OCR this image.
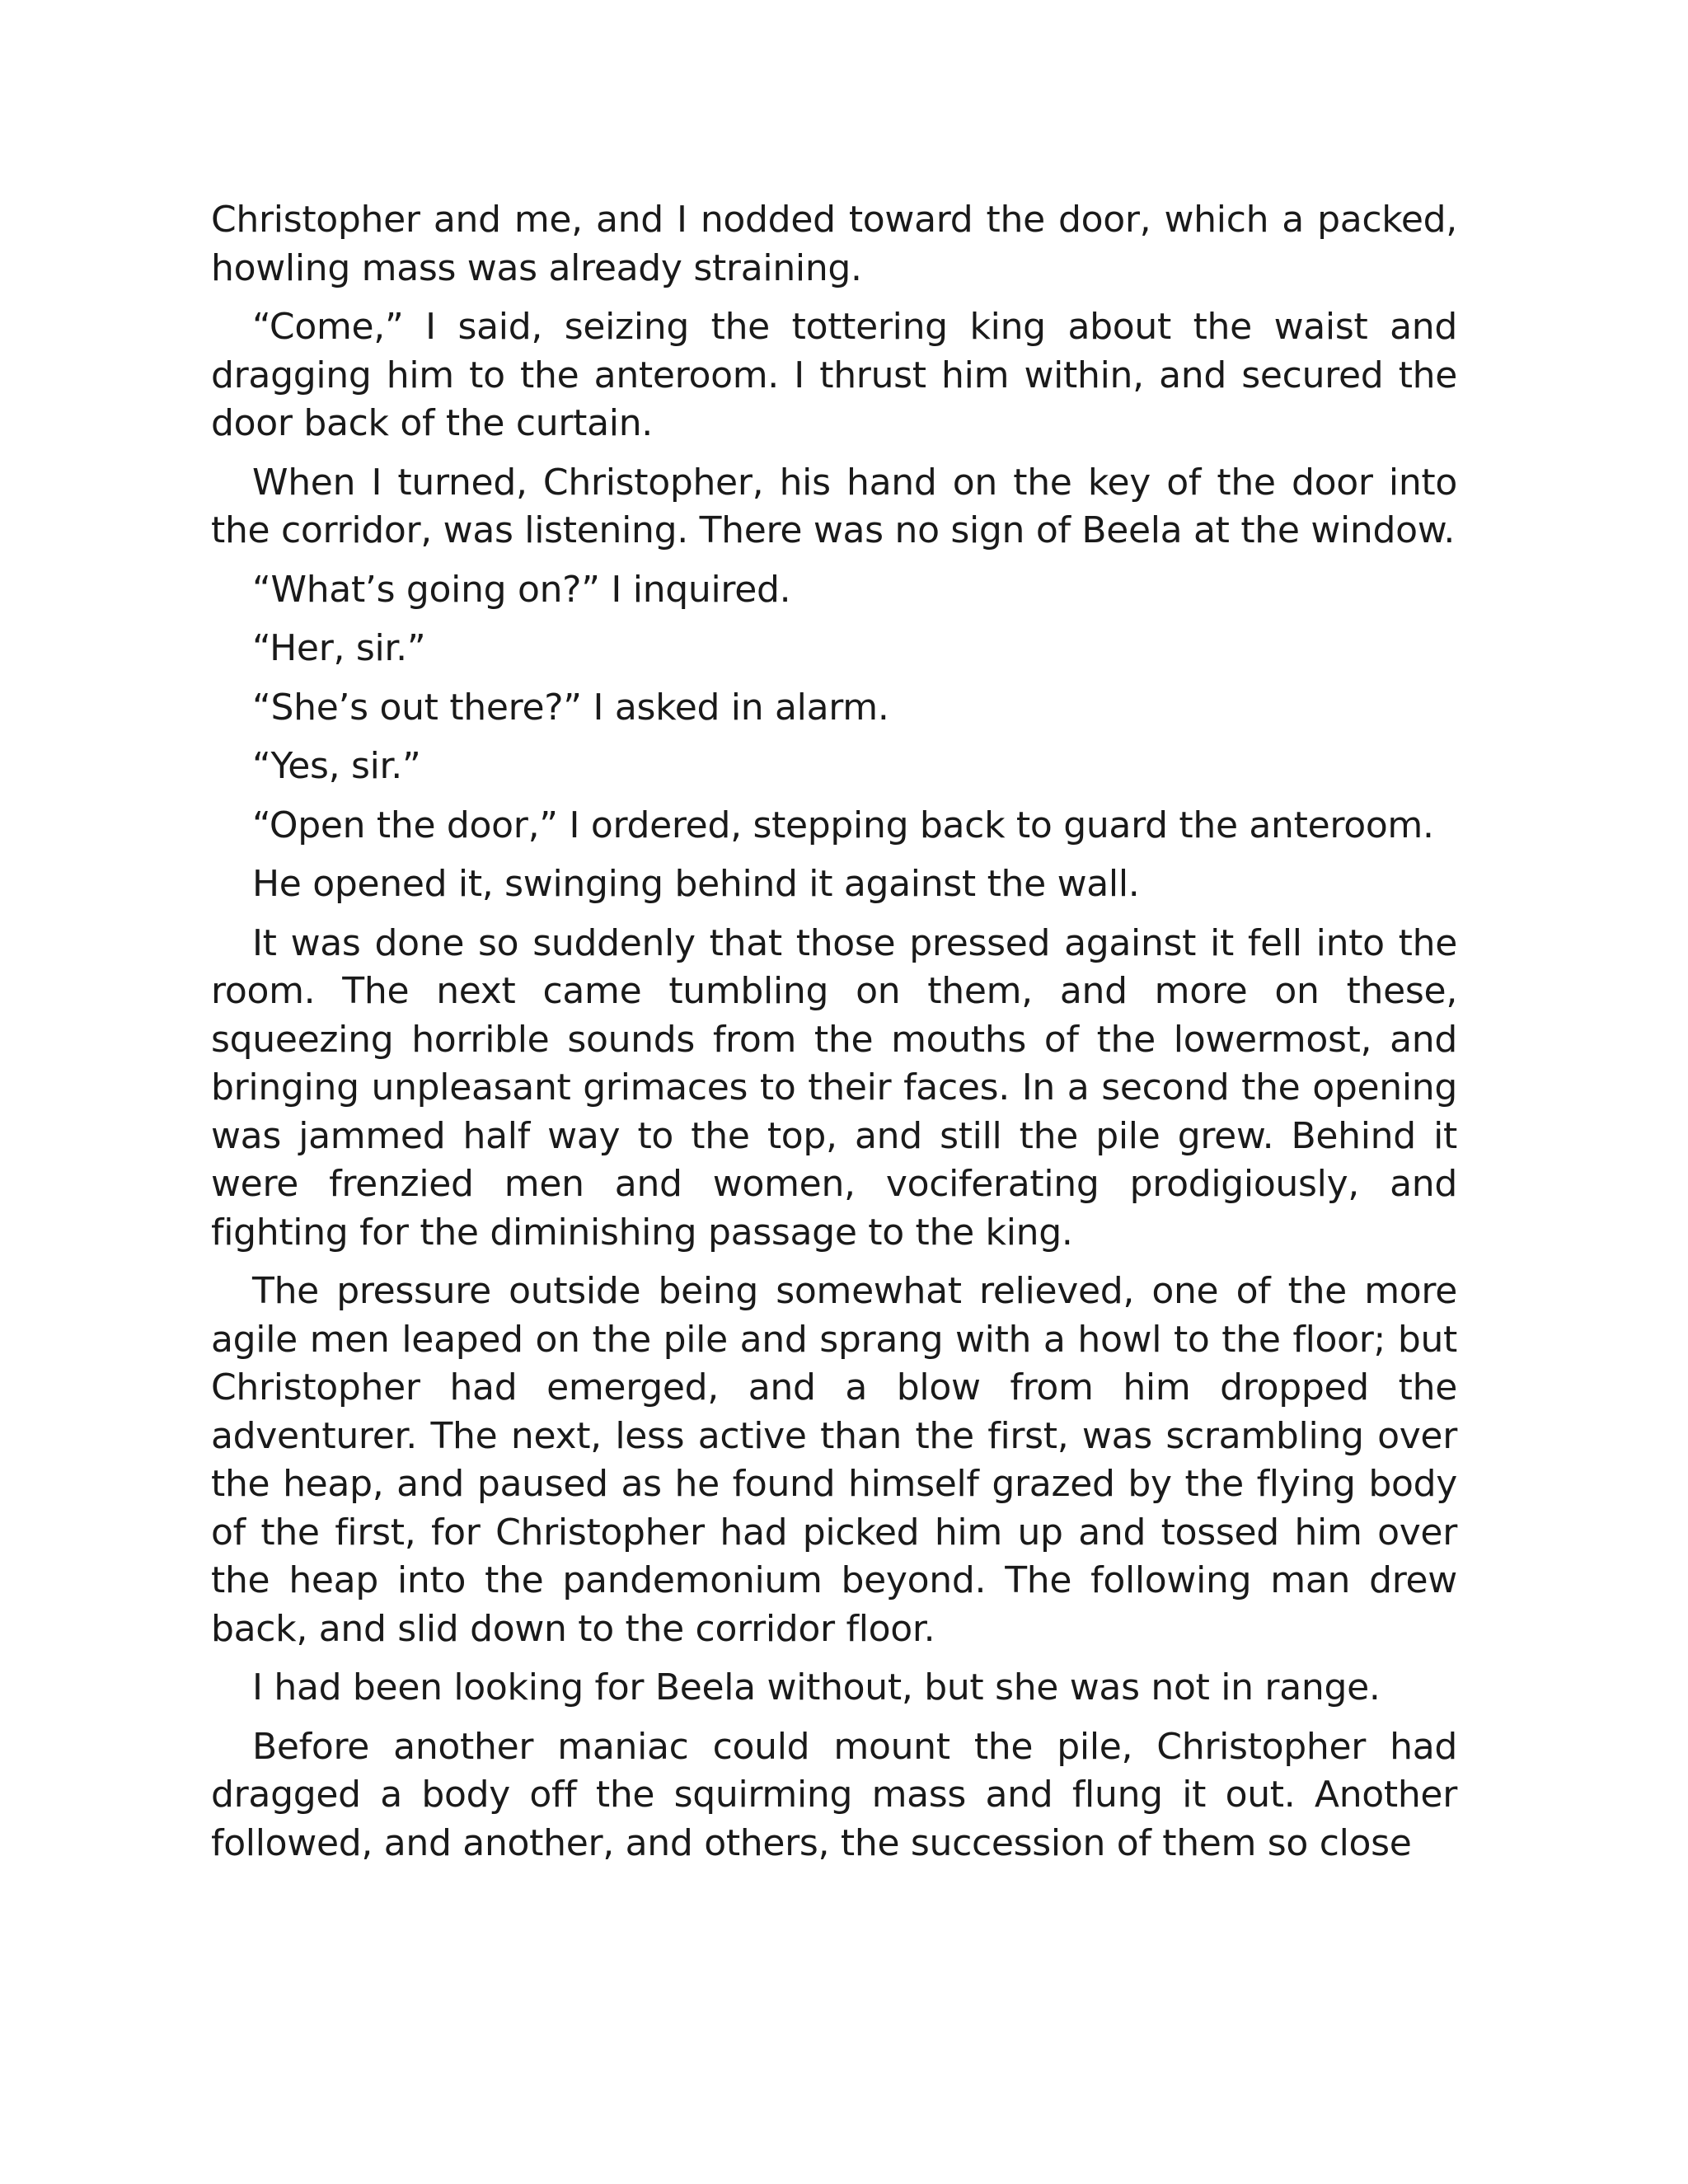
Christopher and me, and I nodded toward the door, which a packed, howling mass was already straining.

“Come,” I said, seizing the tottering king about the waist and dragging him to the anteroom. I thrust him within, and secured the door back of the curtain.

When I turned, Christopher, his hand on the key of the door into the corridor, was listening. There was no sign of Beela at the window.

“What’s going on?” I inquired.

“Her, sir.”

“She’s out there?” I asked in alarm.

“Yes, sir.”

“Open the door,” I ordered, stepping back to guard the anteroom.

He opened it, swinging behind it against the wall.

It was done so suddenly that those pressed against it fell into the room. The next came tumbling on them, and more on these, squeezing horrible sounds from the mouths of the lowermost, and bringing unpleasant grimaces to their faces. In a second the opening was jammed half way to the top, and still the pile grew. Behind it were frenzied men and women, vociferating prodigiously, and fighting for the diminishing passage to the king.

The pressure outside being somewhat relieved, one of the more agile men leaped on the pile and sprang with a howl to the floor; but Christopher had emerged, and a blow from him dropped the adventurer. The next, less active than the first, was scrambling over the heap, and paused as he found himself grazed by the flying body of the first, for Christopher had picked him up and tossed him over the heap into the pandemonium beyond. The following man drew back, and slid down to the corridor floor.

I had been looking for Beela without, but she was not in range.

Before another maniac could mount the pile, Christopher had dragged a body off the squirming mass and flung it out. Another followed, and another, and others, the succession of them so close
